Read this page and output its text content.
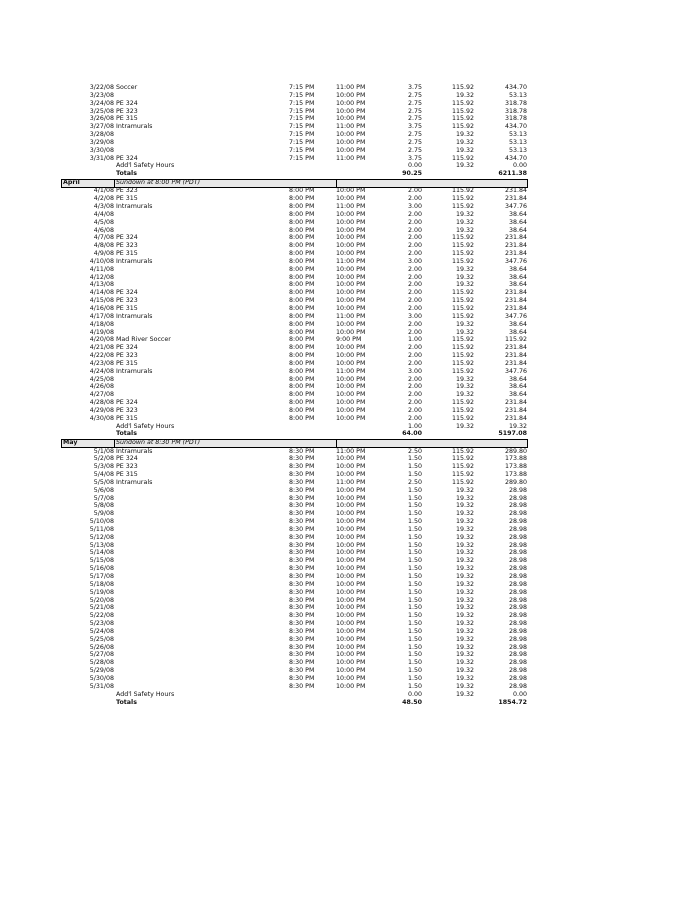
3/22/08 Soccer	7:15 PM	11:00 PM	3.75	115.92	434.70
3/23/08	7:15 PM	10:00 PM	2.75	19.32	53.13
3/24/08 PE 324	7:15 PM	10:00 PM	2.75	115.92	318.78
3/25/08 PE 323	7:15 PM	10:00 PM	2.75	115.92	318.78
3/26/08 PE 315	7:15 PM	10:00 PM	2.75	115.92	318.78
3/27/08 Intramurals	7:15 PM	11:00 PM	3.75	115.92	434.70
3/28/08	7:15 PM	10:00 PM	2.75	19.32	53.13
3/29/08	7:15 PM	10:00 PM	2.75	19.32	53.13
3/30/08	7:15 PM	10:00 PM	2.75	19.32	53.13
3/31/08 PE 324	7:15 PM	11:00 PM	3.75	115.92	434.70
Add'l Safety Hours	0.00	19.32	0.00
Totals	90.25	6211.38
April	Sundown at 8:00 PM (PDT)
4/1/08 PE 323	8:00 PM	10:00 PM	2.00	115.92	231.84
4/2/08 PE 315	8:00 PM	10:00 PM	2.00	115.92	231.84
4/3/08 Intramurals	8:00 PM	11:00 PM	3.00	115.92	347.76
4/4/08	8:00 PM	10:00 PM	2.00	19.32	38.64
4/5/08	8:00 PM	10:00 PM	2.00	19.32	38.64
4/6/08	8:00 PM	10:00 PM	2.00	19.32	38.64
4/7/08 PE 324	8:00 PM	10:00 PM	2.00	115.92	231.84
4/8/08 PE 323	8:00 PM	10:00 PM	2.00	115.92	231.84
4/9/08 PE 315	8:00 PM	10:00 PM	2.00	115.92	231.84
4/10/08 Intramurals	8:00 PM	11:00 PM	3.00	115.92	347.76
4/11/08	8:00 PM	10:00 PM	2.00	19.32	38.64
4/12/08	8:00 PM	10:00 PM	2.00	19.32	38.64
4/13/08	8:00 PM	10:00 PM	2.00	19.32	38.64
4/14/08 PE 324	8:00 PM	10:00 PM	2.00	115.92	231.84
4/15/08 PE 323	8:00 PM	10:00 PM	2.00	115.92	231.84
4/16/08 PE 315	8:00 PM	10:00 PM	2.00	115.92	231.84
4/17/08 Intramurals	8:00 PM	11:00 PM	3.00	115.92	347.76
4/18/08	8:00 PM	10:00 PM	2.00	19.32	38.64
4/19/08	8:00 PM	10:00 PM	2.00	19.32	38.64
4/20/08 Mad River Soccer	8:00 PM	9:00 PM	1.00	115.92	115.92
4/21/08 PE 324	8:00 PM	10:00 PM	2.00	115.92	231.84
4/22/08 PE 323	8:00 PM	10:00 PM	2.00	115.92	231.84
4/23/08 PE 315	8:00 PM	10:00 PM	2.00	115.92	231.84
4/24/08 Intramurals	8:00 PM	11:00 PM	3.00	115.92	347.76
4/25/08	8:00 PM	10:00 PM	2.00	19.32	38.64
4/26/08	8:00 PM	10:00 PM	2.00	19.32	38.64
4/27/08	8:00 PM	10:00 PM	2.00	19.32	38.64
4/28/08 PE 324	8:00 PM	10:00 PM	2.00	115.92	231.84
4/29/08 PE 323	8:00 PM	10:00 PM	2.00	115.92	231.84
4/30/08 PE 315	8:00 PM	10:00 PM	2.00	115.92	231.84
Add'l Safety Hours	1.00	19.32	19.32
Totals	64.00	5197.08
May	Sundown at 8:30 PM (PDT)
5/1/08 Intramurals	8:30 PM	11:00 PM	2.50	115.92	289.80
5/2/08 PE 324	8:30 PM	10:00 PM	1.50	115.92	173.88
5/3/08 PE 323	8:30 PM	10:00 PM	1.50	115.92	173.88
5/4/08 PE 315	8:30 PM	10:00 PM	1.50	115.92	173.88
5/5/08 Intramurals	8:30 PM	11:00 PM	2.50	115.92	289.80
5/6/08	8:30 PM	10:00 PM	1.50	19.32	28.98
5/7/08	8:30 PM	10:00 PM	1.50	19.32	28.98
5/8/08	8:30 PM	10:00 PM	1.50	19.32	28.98
5/9/08	8:30 PM	10:00 PM	1.50	19.32	28.98
5/10/08	8:30 PM	10:00 PM	1.50	19.32	28.98
5/11/08	8:30 PM	10:00 PM	1.50	19.32	28.98
5/12/08	8:30 PM	10:00 PM	1.50	19.32	28.98
5/13/08	8:30 PM	10:00 PM	1.50	19.32	28.98
5/14/08	8:30 PM	10:00 PM	1.50	19.32	28.98
5/15/08	8:30 PM	10:00 PM	1.50	19.32	28.98
5/16/08	8:30 PM	10:00 PM	1.50	19.32	28.98
5/17/08	8:30 PM	10:00 PM	1.50	19.32	28.98
5/18/08	8:30 PM	10:00 PM	1.50	19.32	28.98
5/19/08	8:30 PM	10:00 PM	1.50	19.32	28.98
5/20/08	8:30 PM	10:00 PM	1.50	19.32	28.98
5/21/08	8:30 PM	10:00 PM	1.50	19.32	28.98
5/22/08	8:30 PM	10:00 PM	1.50	19.32	28.98
5/23/08	8:30 PM	10:00 PM	1.50	19.32	28.98
5/24/08	8:30 PM	10:00 PM	1.50	19.32	28.98
5/25/08	8:30 PM	10:00 PM	1.50	19.32	28.98
5/26/08	8:30 PM	10:00 PM	1.50	19.32	28.98
5/27/08	8:30 PM	10:00 PM	1.50	19.32	28.98
5/28/08	8:30 PM	10:00 PM	1.50	19.32	28.98
5/29/08	8:30 PM	10:00 PM	1.50	19.32	28.98
5/30/08	8:30 PM	10:00 PM	1.50	19.32	28.98
5/31/08	8:30 PM	10:00 PM	1.50	19.32	28.98
Add'l Safety Hours	0.00	19.32	0.00
Totals	48.50	1854.72
